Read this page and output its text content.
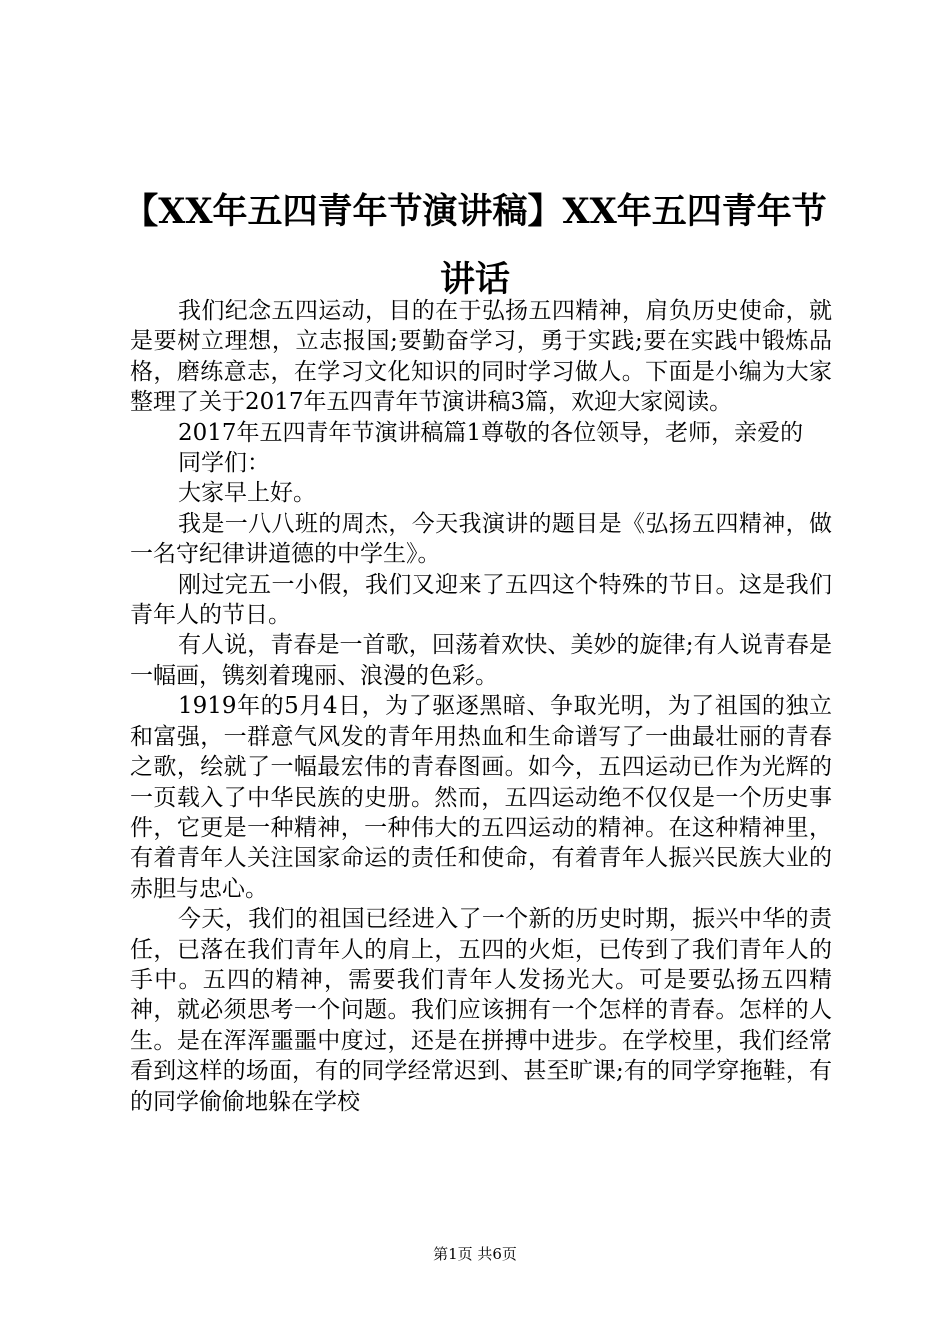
【XX年五四青年节演讲稿】XX年五四青年节
讲话

我们纪念五四运动，目的在于弘扬五四精神，肩负历史使命，就是要树立理想，立志报国;要勤奋学习，勇于实践;要在实践中锻炼品格，磨练意志，在学习文化知识的同时学习做人。下面是小编为大家整理了关于2017年五四青年节演讲稿3篇，欢迎大家阅读。

2017年五四青年节演讲稿篇1尊敬的各位领导，老师，亲爱的

同学们：

大家早上好。

我是一八八班的周杰，今天我演讲的题目是《弘扬五四精神，做一名守纪律讲道德的中学生》。

刚过完五一小假，我们又迎来了五四这个特殊的节日。这是我们青年人的节日。

有人说，青春是一首歌，回荡着欢快、美妙的旋律;有人说青春是一幅画，镌刻着瑰丽、浪漫的色彩。

1919年的5月4日，为了驱逐黑暗、争取光明，为了祖国的独立和富强，一群意气风发的青年用热血和生命谱写了一曲最壮丽的青春之歌，绘就了一幅最宏伟的青春图画。如今，五四运动已作为光辉的一页载入了中华民族的史册。然而，五四运动绝不仅仅是一个历史事件，它更是一种精神，一种伟大的五四运动的精神。在这种精神里，有着青年人关注国家命运的责任和使命，有着青年人振兴民族大业的赤胆与忠心。

今天，我们的祖国已经进入了一个新的历史时期，振兴中华的责任，已落在我们青年人的肩上，五四的火炬，已传到了我们青年人的手中。五四的精神，需要我们青年人发扬光大。可是要弘扬五四精神，就必须思考一个问题。我们应该拥有一个怎样的青春。怎样的人生。是在浑浑噩噩中度过，还是在拼搏中进步。在学校里，我们经常看到这样的场面，有的同学经常迟到、甚至旷课;有的同学穿拖鞋，有的同学偷偷地躲在学校

第1页 共6页
